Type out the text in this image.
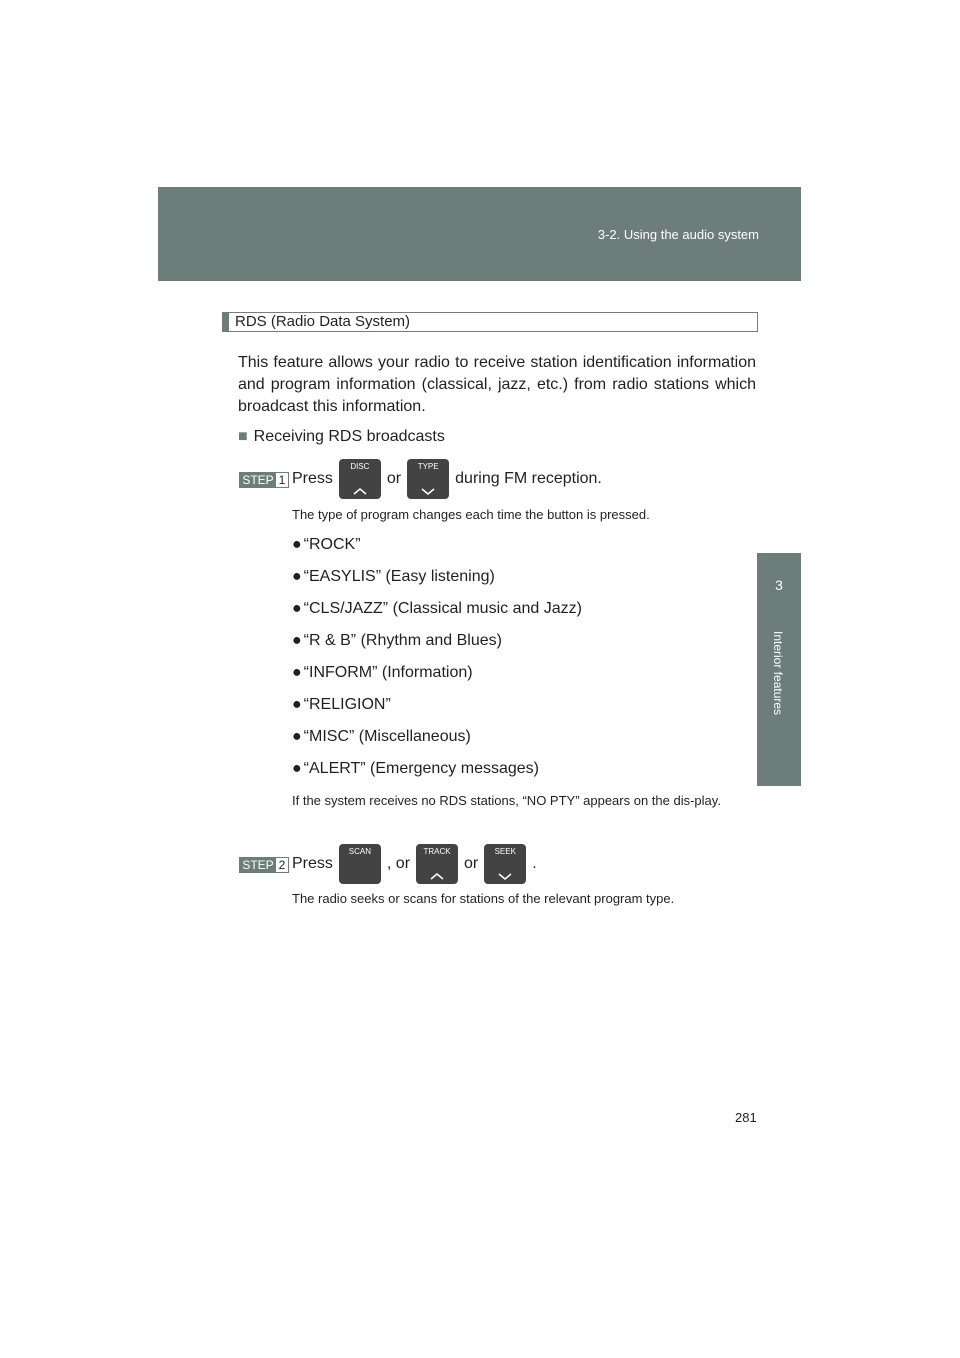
3-2. Using the audio system
3
Interior features
RDS (Radio Data System)
This feature allows your radio to receive station identification information and program information (classical, jazz, etc.) from radio stations which broadcast this information.
■ Receiving RDS broadcasts
STEP 1 Press
DISC
or
TYPE
during FM reception.
The type of program changes each time the button is pressed.
● “ROCK”
● “EASYLIS” (Easy listening)
● “CLS/JAZZ” (Classical music and Jazz)
● “R & B” (Rhythm and Blues)
● “INFORM” (Information)
● “RELIGION”
● “MISC” (Miscellaneous)
● “ALERT” (Emergency messages)
If the system receives no RDS stations, “NO PTY” appears on the dis-play.
STEP 2 Press
SCAN
, or
TRACK
or
SEEK
.
The radio seeks or scans for stations of the relevant program type.
281
